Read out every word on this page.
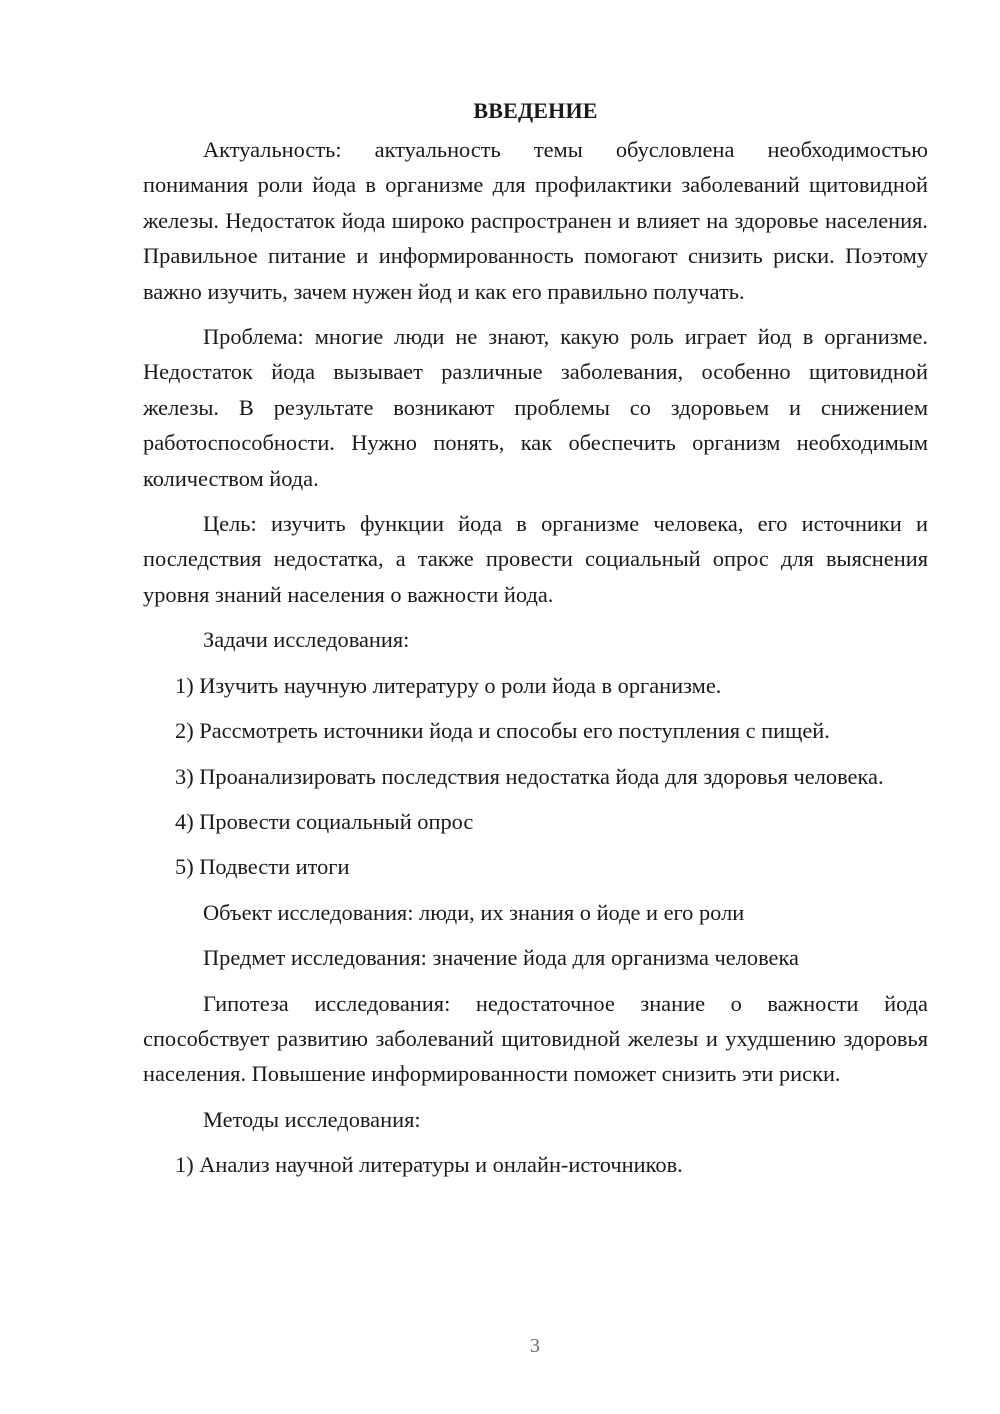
ВВЕДЕНИЕ

Актуальность: актуальность темы обусловлена необходимостью понимания роли йода в организме для профилактики заболеваний щитовидной железы. Недостаток йода широко распространен и влияет на здоровье населения. Правильное питание и информированность помогают снизить риски. Поэтому важно изучить, зачем нужен йод и как его правильно получать.

Проблема: многие люди не знают, какую роль играет йод в организме. Недостаток йода вызывает различные заболевания, особенно щитовидной железы. В результате возникают проблемы со здоровьем и снижением работоспособности. Нужно понять, как обеспечить организм необходимым количеством йода.

Цель: изучить функции йода в организме человека, его источники и последствия недостатка, а также провести социальный опрос для выяснения уровня знаний населения о важности йода.

Задачи исследования:

1) Изучить научную литературу о роли йода в организме.

2) Рассмотреть источники йода и способы его поступления с пищей.

3) Проанализировать последствия недостатка йода для здоровья человека.

4) Провести социальный опрос

5) Подвести итоги

Объект исследования: люди, их знания о йоде и его роли

Предмет исследования: значение йода для организма человека

Гипотеза исследования: недостаточное знание о важности йода способствует развитию заболеваний щитовидной железы и ухудшению здоровья населения. Повышение информированности поможет снизить эти риски.

Методы исследования:

1) Анализ научной литературы и онлайн-источников.

3
